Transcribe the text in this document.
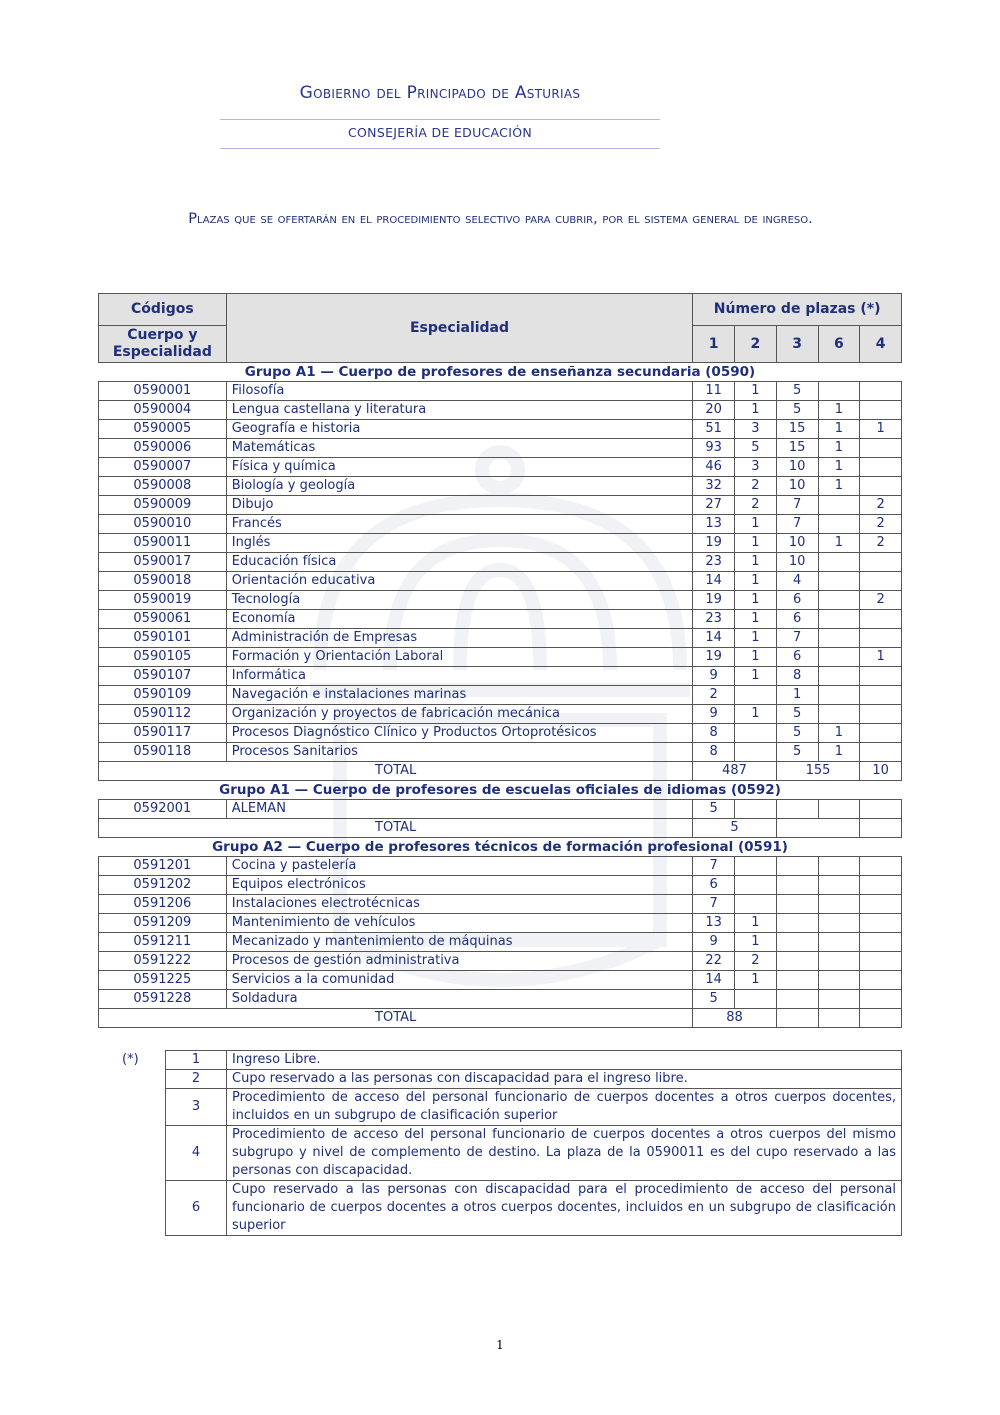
Gobierno del Principado de Asturias
CONSEJERÍA DE EDUCACIÓN
Plazas que se ofertarán en el procedimiento selectivo para cubrir, por el sistema general de ingreso.
Códigos	Especialidad	Número de plazas (*)				
Cuerpo y Especialidad		1	2	3	6	4
Grupo A1 — Cuerpo de profesores de enseñanza secundaria (0590)						
0590001	Filosofía	11	1	5		
0590004	Lengua castellana y literatura	20	1	5	1	
0590005	Geografía e historia	51	3	15	1	1
0590006	Matemáticas	93	5	15	1	
0590007	Física y química	46	3	10	1	
0590008	Biología y geología	32	2	10	1	
0590009	Dibujo	27	2	7		2
0590010	Francés	13	1	7		2
0590011	Inglés	19	1	10	1	2
0590017	Educación física	23	1	10		
0590018	Orientación educativa	14	1	4		
0590019	Tecnología	19	1	6		2
0590061	Economía	23	1	6		
0590101	Administración de Empresas	14	1	7		
0590105	Formación y Orientación Laboral	19	1	6		1
0590107	Informática	9	1	8		
0590109	Navegación e instalaciones marinas	2		1		
0590112	Organización y proyectos de fabricación mecánica	9	1	5		
0590117	Procesos Diagnóstico Clínico y Productos Ortoprotésicos	8		5	1	
0590118	Procesos Sanitarios	8		5	1	
TOTAL		487		155		10
Grupo A1 — Cuerpo de profesores de escuelas oficiales de idiomas (0592)						
0592001	ALEMAN	5				
TOTAL		5				
Grupo A2 — Cuerpo de profesores técnicos de formación profesional (0591)						
0591201	Cocina y pastelería	7				
0591202	Equipos electrónicos	6				
0591206	Instalaciones electrotécnicas	7				
0591209	Mantenimiento de vehículos	13	1			
0591211	Mecanizado y mantenimiento de máquinas	9	1			
0591222	Procesos de gestión administrativa	22	2			
0591225	Servicios a la comunidad	14	1			
0591228	Soldadura	5				
TOTAL		88				
(*)	1	Ingreso Libre.
2	Cupo reservado a las personas con discapacidad para el ingreso libre.
3	Procedimiento de acceso del personal funcionario de cuerpos docentes a otros cuerpos docentes, incluidos en un subgrupo de clasificación superior
4	Procedimiento de acceso del personal funcionario de cuerpos docentes a otros cuerpos del mismo subgrupo y nivel de complemento de destino. La plaza de la 0590011 es del cupo reservado a las personas con discapacidad.
6	Cupo reservado a las personas con discapacidad para el procedimiento de acceso del personal funcionario de cuerpos docentes a otros cuerpos docentes, incluidos en un subgrupo de clasificación superior
1
